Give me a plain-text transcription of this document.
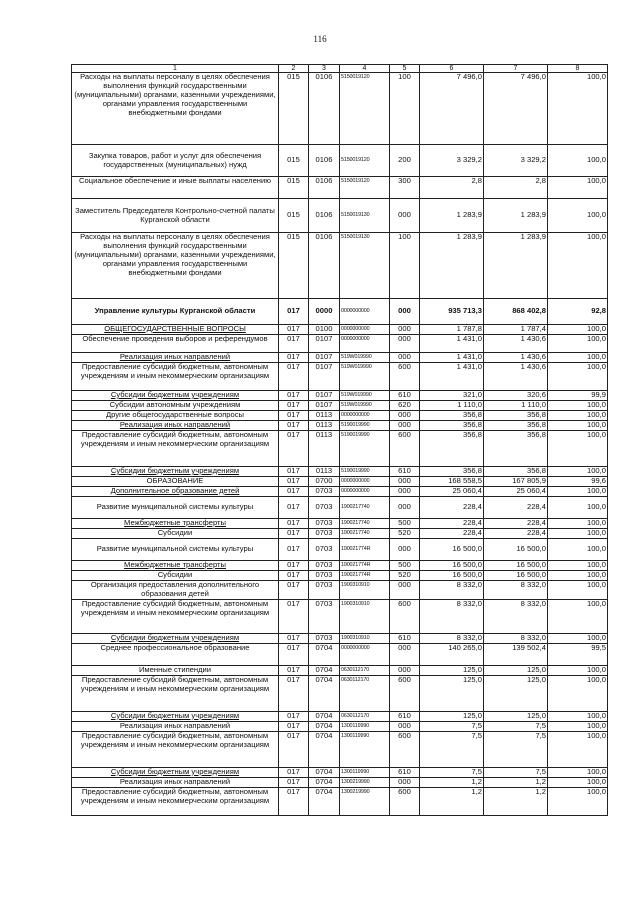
116
1	2	3	4	5	6	7	8
Расходы на выплаты персоналу в целях обеспечения выполнения функций государственными (муниципальными) органами, казенными учреждениями, органами управления государственными внебюджетными фондами	015	0106	5150019120	100	7 496,0	7 496,0	100,0
Закупка товаров, работ и услуг для обеспечения государственных (муниципальных) нужд	015	0106	5150019120	200	3 329,2	3 329,2	100,0
Социальное обеспечение и иные выплаты населению	015	0106	5150019120	300	2,8	2,8	100,0
Заместитель Председателя Контрольно-счетной палаты Курганской области	015	0106	5150019130	000	1 283,9	1 283,9	100,0
Расходы на выплаты персоналу в целях обеспечения выполнения функций государственными (муниципальными) органами, казенными учреждениями, органами управления государственными внебюджетными фондами	015	0106	5150019130	100	1 283,9	1 283,9	100,0
Управление культуры Курганской области	017	0000	0000000000	000	935 713,3	868 402,8	92,8
ОБЩЕГОСУДАРСТВЕННЫЕ ВОПРОСЫ	017	0100	0000000000	000	1 787,8	1 787,4	100,0
Обеспечение проведения выборов и референдумов	017	0107	0000000000	000	1 431,0	1 430,6	100,0
Реализация иных направлений	017	0107	519W019990	000	1 431,0	1 430,6	100,0
Предоставление субсидий бюджетным, автономным учреждениям и иным некоммерческим организациям	017	0107	519W019990	600	1 431,0	1 430,6	100,0
Субсидии бюджетным учреждениям	017	0107	519W019990	610	321,0	320,6	99,9
Субсидии автономным учреждениям	017	0107	519W019990	620	1 110,0	1 110,0	100,0
Другие общегосударственные вопросы	017	0113	0000000000	000	356,8	356,8	100,0
Реализация иных направлений	017	0113	5190019990	000	356,8	356,8	100,0
Предоставление субсидий бюджетным, автономным учреждениям и иным некоммерческим организациям	017	0113	5190019990	600	356,8	356,8	100,0
Субсидии бюджетным учреждениям	017	0113	5190019990	610	356,8	356,8	100,0
ОБРАЗОВАНИЕ	017	0700	0000000000	000	168 558,5	167 805,9	99,6
Дополнительное образование детей	017	0703	0000000000	000	25 060,4	25 060,4	100,0
Развитие муниципальной системы культуры	017	0703	1900217740	000	228,4	228,4	100,0
Межбюджетные трансферты	017	0703	1900217740	500	228,4	228,4	100,0
Субсидии	017	0703	1900217740	520	228,4	228,4	100,0
Развитие муниципальной системы культуры	017	0703	190021774R	000	16 500,0	16 500,0	100,0
Межбюджетные трансферты	017	0703	190021774R	500	16 500,0	16 500,0	100,0
Субсидии	017	0703	190021774R	520	16 500,0	16 500,0	100,0
Организация предоставления дополнительного образования детей	017	0703	1900310910	000	8 332,0	8 332,0	100,0
Предоставление субсидий бюджетным, автономным учреждениям и иным некоммерческим организациям	017	0703	1900310910	600	8 332,0	8 332,0	100,0
Субсидии бюджетным учреждениям	017	0703	1900310910	610	8 332,0	8 332,0	100,0
Среднее профессиональное образование	017	0704	0000000000	000	140 265,0	139 502,4	99,5
Именные стипендии	017	0704	0630112170	000	125,0	125,0	100,0
Предоставление субсидий бюджетным, автономным учреждениям и иным некоммерческим организациям	017	0704	0630112170	600	125,0	125,0	100,0
Субсидии бюджетным учреждениям	017	0704	0630112170	610	125,0	125,0	100,0
Реализация иных направлений	017	0704	1300119990	000	7,5	7,5	100,0
Предоставление субсидий бюджетным, автономным учреждениям и иным некоммерческим организациям	017	0704	1300119990	600	7,5	7,5	100,0
Субсидии бюджетным учреждениям	017	0704	1300119990	610	7,5	7,5	100,0
Реализация иных направлений	017	0704	1300219990	000	1,2	1,2	100,0
Предоставление субсидий бюджетным, автономным учреждениям и иным некоммерческим организациям	017	0704	1300219990	600	1,2	1,2	100,0
